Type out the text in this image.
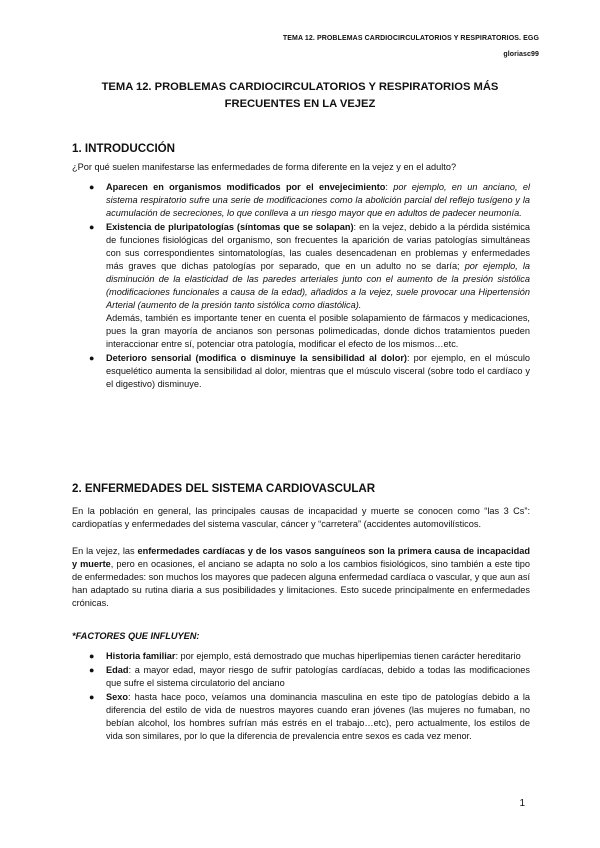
TEMA 12. PROBLEMAS CARDIOCIRCULATORIOS Y RESPIRATORIOS. EGG
gloriasc99
TEMA 12. PROBLEMAS CARDIOCIRCULATORIOS Y RESPIRATORIOS MÁS
FRECUENTES EN LA VEJEZ
1. INTRODUCCIÓN
¿Por qué suelen manifestarse las enfermedades de forma diferente en la vejez y en el adulto?
● Aparecen en organismos modificados por el envejecimiento: por ejemplo, en un anciano, el sistema respiratorio sufre una serie de modificaciones como la abolición parcial del reflejo tusígeno y la acumulación de secreciones, lo que conlleva a un riesgo mayor que en adultos de padecer neumonía.
● Existencia de pluripatologías (síntomas que se solapan): en la vejez, debido a la pérdida sistémica de funciones fisiológicas del organismo, son frecuentes la aparición de varias patologías simultáneas con sus correspondientes sintomatologías, las cuales desencadenan en problemas y enfermedades más graves que dichas patologías por separado, que en un adulto no se daría; por ejemplo, la disminución de la elasticidad de las paredes arteriales junto con el aumento de la presión sistólica (modificaciones funcionales a causa de la edad), añadidos a la vejez, suele provocar una Hipertensión Arterial (aumento de la presión tanto sistólica como diastólica).
Además, también es importante tener en cuenta el posible solapamiento de fármacos y medicaciones, pues la gran mayoría de ancianos son personas polimedicadas, donde dichos tratamientos pueden interaccionar entre sí, potenciar otra patología, modificar el efecto de los mismos…etc.
● Deterioro sensorial (modifica o disminuye la sensibilidad al dolor): por ejemplo, en el músculo esquelético aumenta la sensibilidad al dolor, mientras que el músculo visceral (sobre todo el cardíaco y el digestivo) disminuye.
2. ENFERMEDADES DEL SISTEMA CARDIOVASCULAR
En la población en general, las principales causas de incapacidad y muerte se conocen como “las 3 Cs”: cardiopatías y enfermedades del sistema vascular, cáncer y “carretera” (accidentes automovilísticos.
En la vejez, las enfermedades cardíacas y de los vasos sanguíneos son la primera causa de incapacidad y muerte, pero en ocasiones, el anciano se adapta no solo a los cambios fisiológicos, sino también a este tipo de enfermedades: son muchos los mayores que padecen alguna enfermedad cardíaca o vascular, y que aun así han adaptado su rutina diaria a sus posibilidades y limitaciones. Esto sucede principalmente en enfermedades crónicas.
*FACTORES QUE INFLUYEN:
● Historia familiar: por ejemplo, está demostrado que muchas hiperlipemias tienen carácter hereditario
● Edad: a mayor edad, mayor riesgo de sufrir patologías cardíacas, debido a todas las modificaciones que sufre el sistema circulatorio del anciano
● Sexo: hasta hace poco, veíamos una dominancia masculina en este tipo de patologías debido a la diferencia del estilo de vida de nuestros mayores cuando eran jóvenes (las mujeres no fumaban, no bebían alcohol, los hombres sufrían más estrés en el trabajo…etc), pero actualmente, los estilos de vida son similares, por lo que la diferencia de prevalencia entre sexos es cada vez menor.
1
